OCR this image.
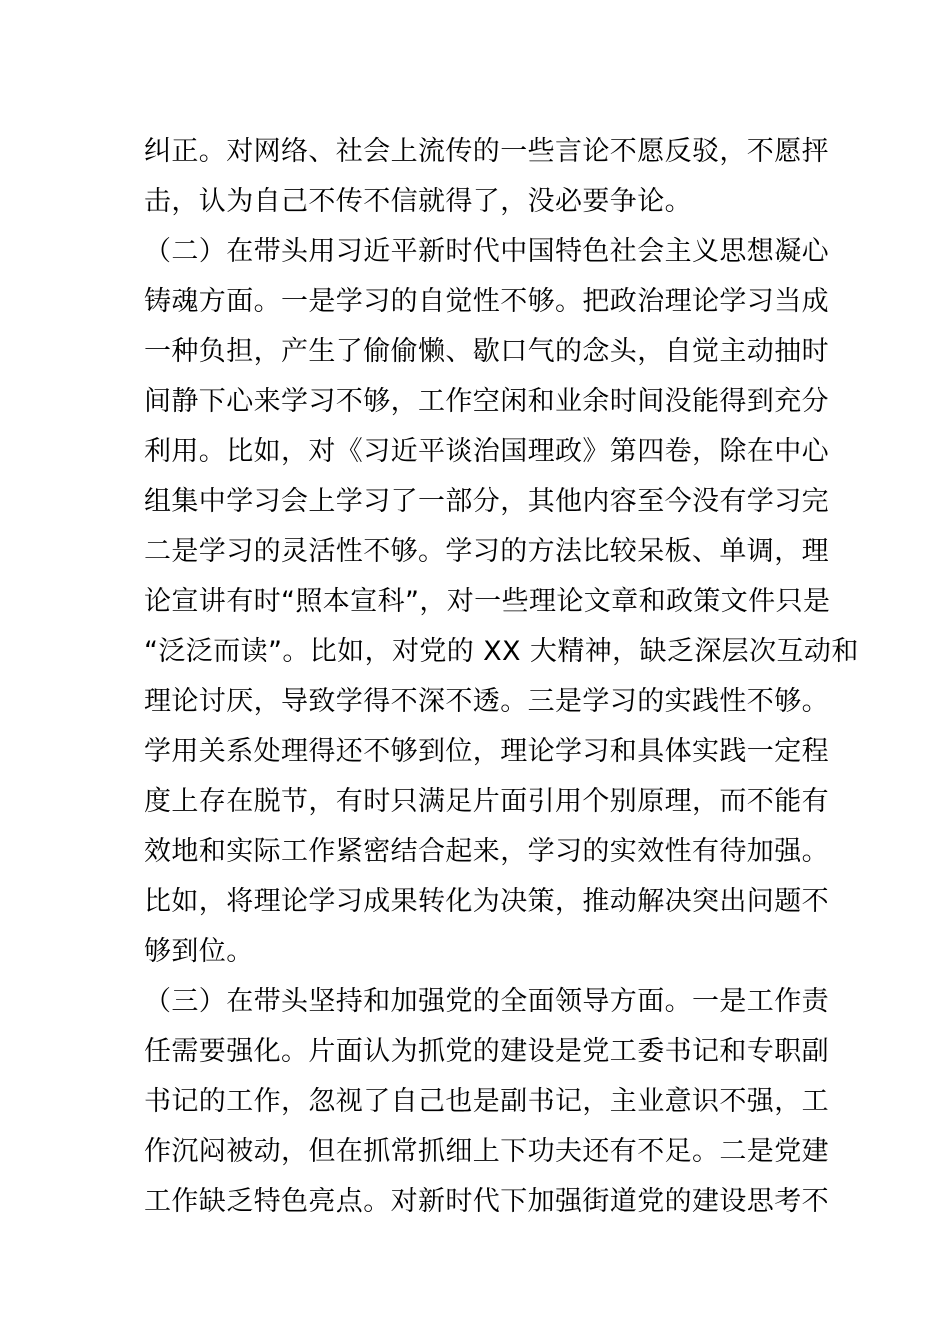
纠正。对网络、社会上流传的一些言论不愿反驳，不愿抨
击，认为自己不传不信就得了，没必要争论。
（二）在带头用习近平新时代中国特色社会主义思想凝心
铸魂方面。一是学习的自觉性不够。把政治理论学习当成
一种负担，产生了偷偷懒、歇口气的念头，自觉主动抽时
间静下心来学习不够，工作空闲和业余时间没能得到充分
利用。比如，对《习近平谈治国理政》第四卷，除在中心
组集中学习会上学习了一部分，其他内容至今没有学习完
二是学习的灵活性不够。学习的方法比较呆板、单调，理
论宣讲有时“照本宣科”，对一些理论文章和政策文件只是
“泛泛而读”。比如，对党的 XX 大精神，缺乏深层次互动和
理论讨厌，导致学得不深不透。三是学习的实践性不够。
学用关系处理得还不够到位，理论学习和具体实践一定程
度上存在脱节，有时只满足片面引用个别原理，而不能有
效地和实际工作紧密结合起来，学习的实效性有待加强。
比如，将理论学习成果转化为决策，推动解决突出问题不
够到位。
（三）在带头坚持和加强党的全面领导方面。一是工作责
任需要强化。片面认为抓党的建设是党工委书记和专职副
书记的工作，忽视了自己也是副书记，主业意识不强，工
作沉闷被动，但在抓常抓细上下功夫还有不足。二是党建
工作缺乏特色亮点。对新时代下加强街道党的建设思考不
